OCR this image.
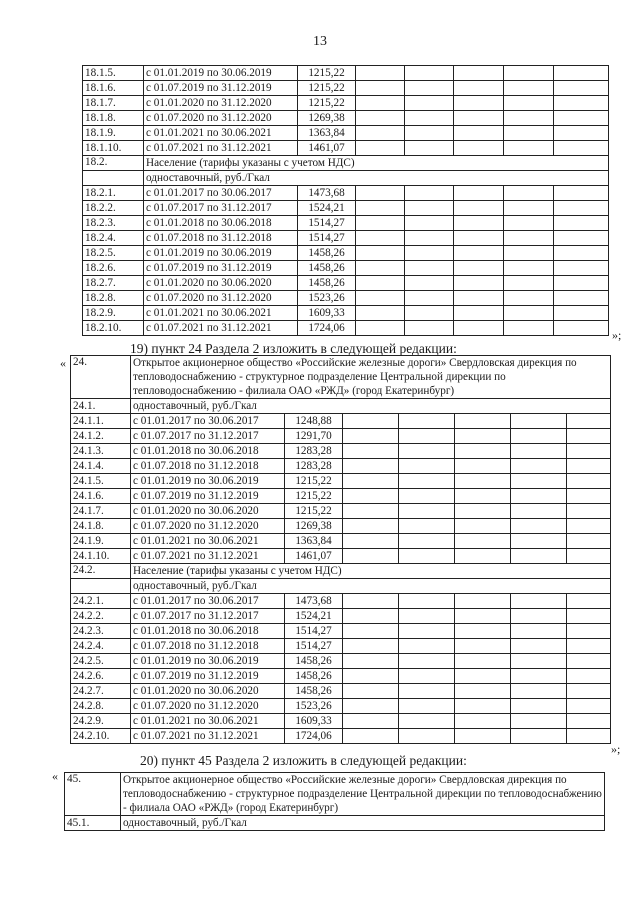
13
18.1.5.	с 01.01.2019 по 30.06.2019	1215,22					
18.1.6.	с 01.07.2019 по 31.12.2019	1215,22					
18.1.7.	с 01.01.2020 по 31.12.2020	1215,22					
18.1.8.	с 01.07.2020 по 31.12.2020	1269,38					
18.1.9.	с 01.01.2021 по 30.06.2021	1363,84					
18.1.10.	с 01.07.2021 по 31.12.2021	1461,07					
18.2.	Население (тарифы указаны с учетом НДС)						
	одноставочный, руб./Гкал						
18.2.1.	с 01.01.2017 по 30.06.2017	1473,68					
18.2.2.	с 01.07.2017 по 31.12.2017	1524,21					
18.2.3.	с 01.01.2018 по 30.06.2018	1514,27					
18.2.4.	с 01.07.2018 по 31.12.2018	1514,27					
18.2.5.	с 01.01.2019 по 30.06.2019	1458,26					
18.2.6.	с 01.07.2019 по 31.12.2019	1458,26					
18.2.7.	с 01.01.2020 по 30.06.2020	1458,26					
18.2.8.	с 01.07.2020 по 31.12.2020	1523,26					
18.2.9.	с 01.01.2021 по 30.06.2021	1609,33					
18.2.10.	с 01.07.2021 по 31.12.2021	1724,06					
»;
19) пункт 24 Раздела 2 изложить в следующей редакции:
« 24.	Открытое акционерное общество «Российские железные дороги» Свердловская дирекция по тепловодоснабжению - структурное подразделение Центральной дирекции по тепловодоснабжению - филиала ОАО «РЖД» (город Екатеринбург)						
24.1.	одноставочный, руб./Гкал						
24.1.1.	с 01.01.2017 по 30.06.2017	1248,88					
24.1.2.	с 01.07.2017 по 31.12.2017	1291,70					
24.1.3.	с 01.01.2018 по 30.06.2018	1283,28					
24.1.4.	с 01.07.2018 по 31.12.2018	1283,28					
24.1.5.	с 01.01.2019 по 30.06.2019	1215,22					
24.1.6.	с 01.07.2019 по 31.12.2019	1215,22					
24.1.7.	с 01.01.2020 по 30.06.2020	1215,22					
24.1.8.	с 01.07.2020 по 31.12.2020	1269,38					
24.1.9.	с 01.01.2021 по 30.06.2021	1363,84					
24.1.10.	с 01.07.2021 по 31.12.2021	1461,07					
24.2.	Население (тарифы указаны с учетом НДС)						
	одноставочный, руб./Гкал						
24.2.1.	с 01.01.2017 по 30.06.2017	1473,68					
24.2.2.	с 01.07.2017 по 31.12.2017	1524,21					
24.2.3.	с 01.01.2018 по 30.06.2018	1514,27					
24.2.4.	с 01.07.2018 по 31.12.2018	1514,27					
24.2.5.	с 01.01.2019 по 30.06.2019	1458,26					
24.2.6.	с 01.07.2019 по 31.12.2019	1458,26					
24.2.7.	с 01.01.2020 по 30.06.2020	1458,26					
24.2.8.	с 01.07.2020 по 31.12.2020	1523,26					
24.2.9.	с 01.01.2021 по 30.06.2021	1609,33					
24.2.10.	с 01.07.2021 по 31.12.2021	1724,06					
»;
20) пункт 45 Раздела 2 изложить в следующей редакции:
« 45.	Открытое акционерное общество «Российские железные дороги» Свердловская дирекция по тепловодоснабжению - структурное подразделение Центральной дирекции по тепловодоснабжению - филиала ОАО «РЖД» (город Екатеринбург)
45.1.	одноставочный, руб./Гкал
